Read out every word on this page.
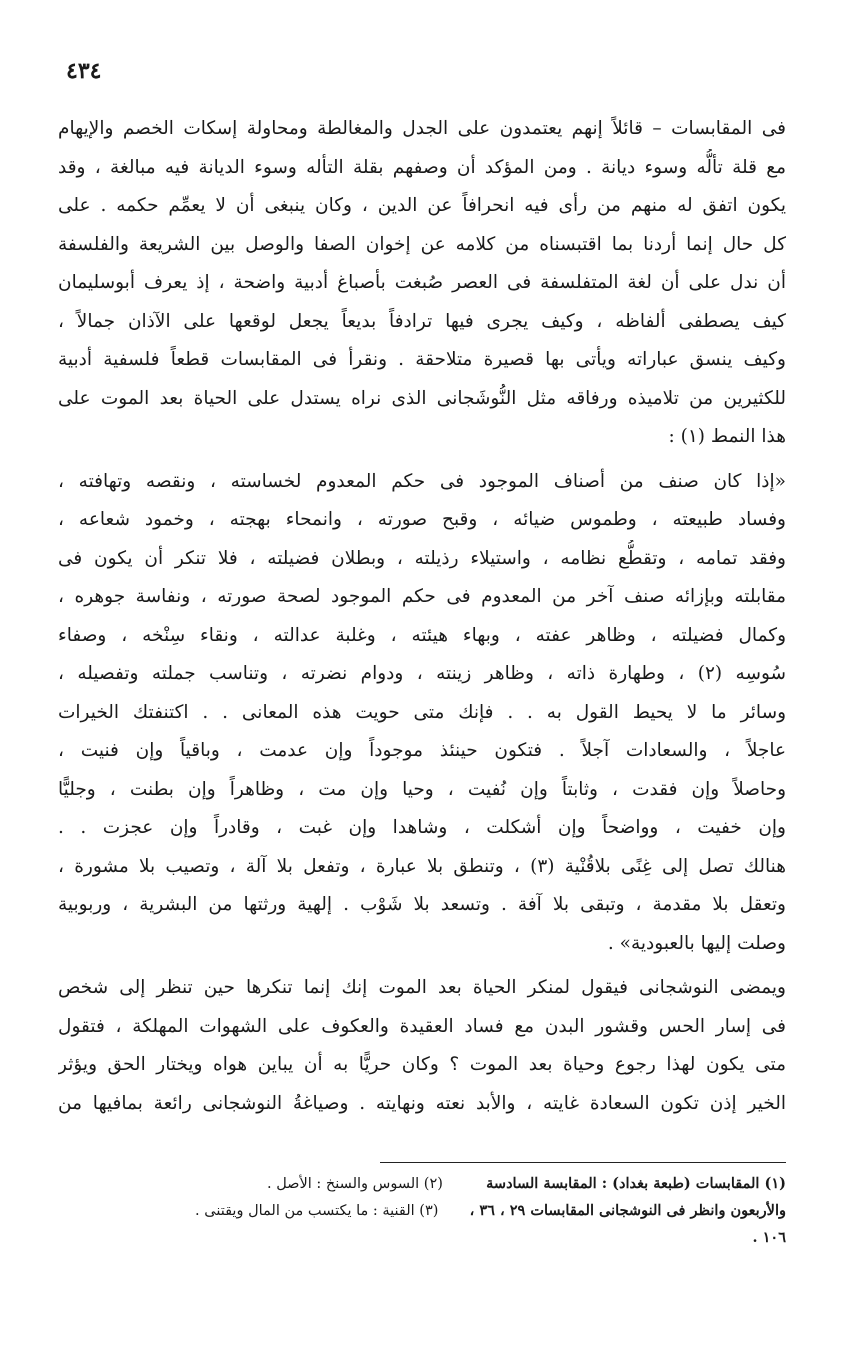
٤٣٤
فى المقابسات – قائلاً إنهم يعتمدون على الجدل والمغالطة ومحاولة إسكات الخصم والإيهام
مع قلة تألُّه وسوء ديانة . ومن المؤكد أن وصفهم بقلة التأله وسوء الديانة فيه مبالغة ، وقد
يكون اتفق له منهم من رأى فيه انحرافاً عن الدين ، وكان ينبغى أن لا يعمِّم حكمه . على
كل حال إنما أردنا بما اقتبسناه من كلامه عن إخوان الصفا والوصل بين الشريعة والفلسفة
أن ندل على أن لغة المتفلسفة فى العصر صُبغت بأصباغ أدبية واضحة ، إذ يعرف أبوسليمان
كيف يصطفى ألفاظه ، وكيف يجرى فيها ترادفاً بديعاً يجعل لوقعها على الآذان جمالاً ،
وكيف ينسق عباراته ويأتى بها قصيرة متلاحقة . ونقرأ فى المقابسات قطعاً فلسفية أدبية
للكثيرين من تلاميذه ورفاقه مثل النُّوشَجانى الذى نراه يستدل على الحياة بعد الموت على
هذا النمط (١) :
«إذا كان صنف من أصناف الموجود فى حكم المعدوم لخساسته ، ونقصه وتهافته ،
وفساد طبيعته ، وطموس ضيائه ، وقبح صورته ، وانمحاء بهجته ، وخمود شعاعه ،
وفقد تمامه ، وتقطُّع نظامه ، واستيلاء رذيلته ، وبطلان فضيلته ، فلا تنكر أن يكون فى
مقابلته وبإزائه صنف آخر من المعدوم فى حكم الموجود لصحة صورته ، ونفاسة جوهره ،
وكمال فضيلته ، وظاهر عفته ، وبهاء هيئته ، وغلبة عدالته ، ونقاء سِنْخه ، وصفاء
سُوسِه (٢) ، وطهارة ذاته ، وظاهر زينته ، ودوام نضرته ، وتناسب جملته وتفصيله ،
وسائر ما لا يحيط القول به . . فإنك متى حويت هذه المعانى . . اكتنفتك الخيرات
عاجلاً ، والسعادات آجلاً . فتكون حينئذ موجوداً وإن عدمت ، وباقياً وإن فنيت ،
وحاصلاً وإن فقدت ، وثابتاً وإن نُفيت ، وحيا وإن مت ، وظاهراً وإن بطنت ، وجليًّا
وإن خفيت ، وواضحاً وإن أشكلت ، وشاهدا وإن غبت ، وقادراً وإن عجزت . .
هنالك تصل إلى غِنًى بلاقُنْية (٣) ، وتنطق بلا عبارة ، وتفعل بلا آلة ، وتصيب بلا مشورة ،
وتعقل بلا مقدمة ، وتبقى بلا آفة . وتسعد بلا شَوْب . إلهية ورثتها من البشرية ، وربوبية
وصلت إليها بالعبودية» .
ويمضى النوشجانى فيقول لمنكر الحياة بعد الموت إنك إنما تنكرها حين تنظر إلى شخص
فى إسار الحس وقشور البدن مع فساد العقيدة والعكوف على الشهوات المهلكة ، فتقول
متى يكون لهذا رجوع وحياة بعد الموت ؟ وكان حريًّا به أن يباين هواه ويختار الحق ويؤثر
الخير إذن تكون السعادة غايته ، والأبد نعته ونهايته . وصياغةُ النوشجانى رائعة بمافيها من
(١) المقابسات (طبعة بغداد) : المقابسة السادسة  (٢) السوس والسنخ : الأصل .
والأربعون وانظر فى النوشجانى المقابسات ٢٩ ، ٣٦ ،  (٣) القنية : ما يكتسب من المال ويقتنى .
١٠٦ .
